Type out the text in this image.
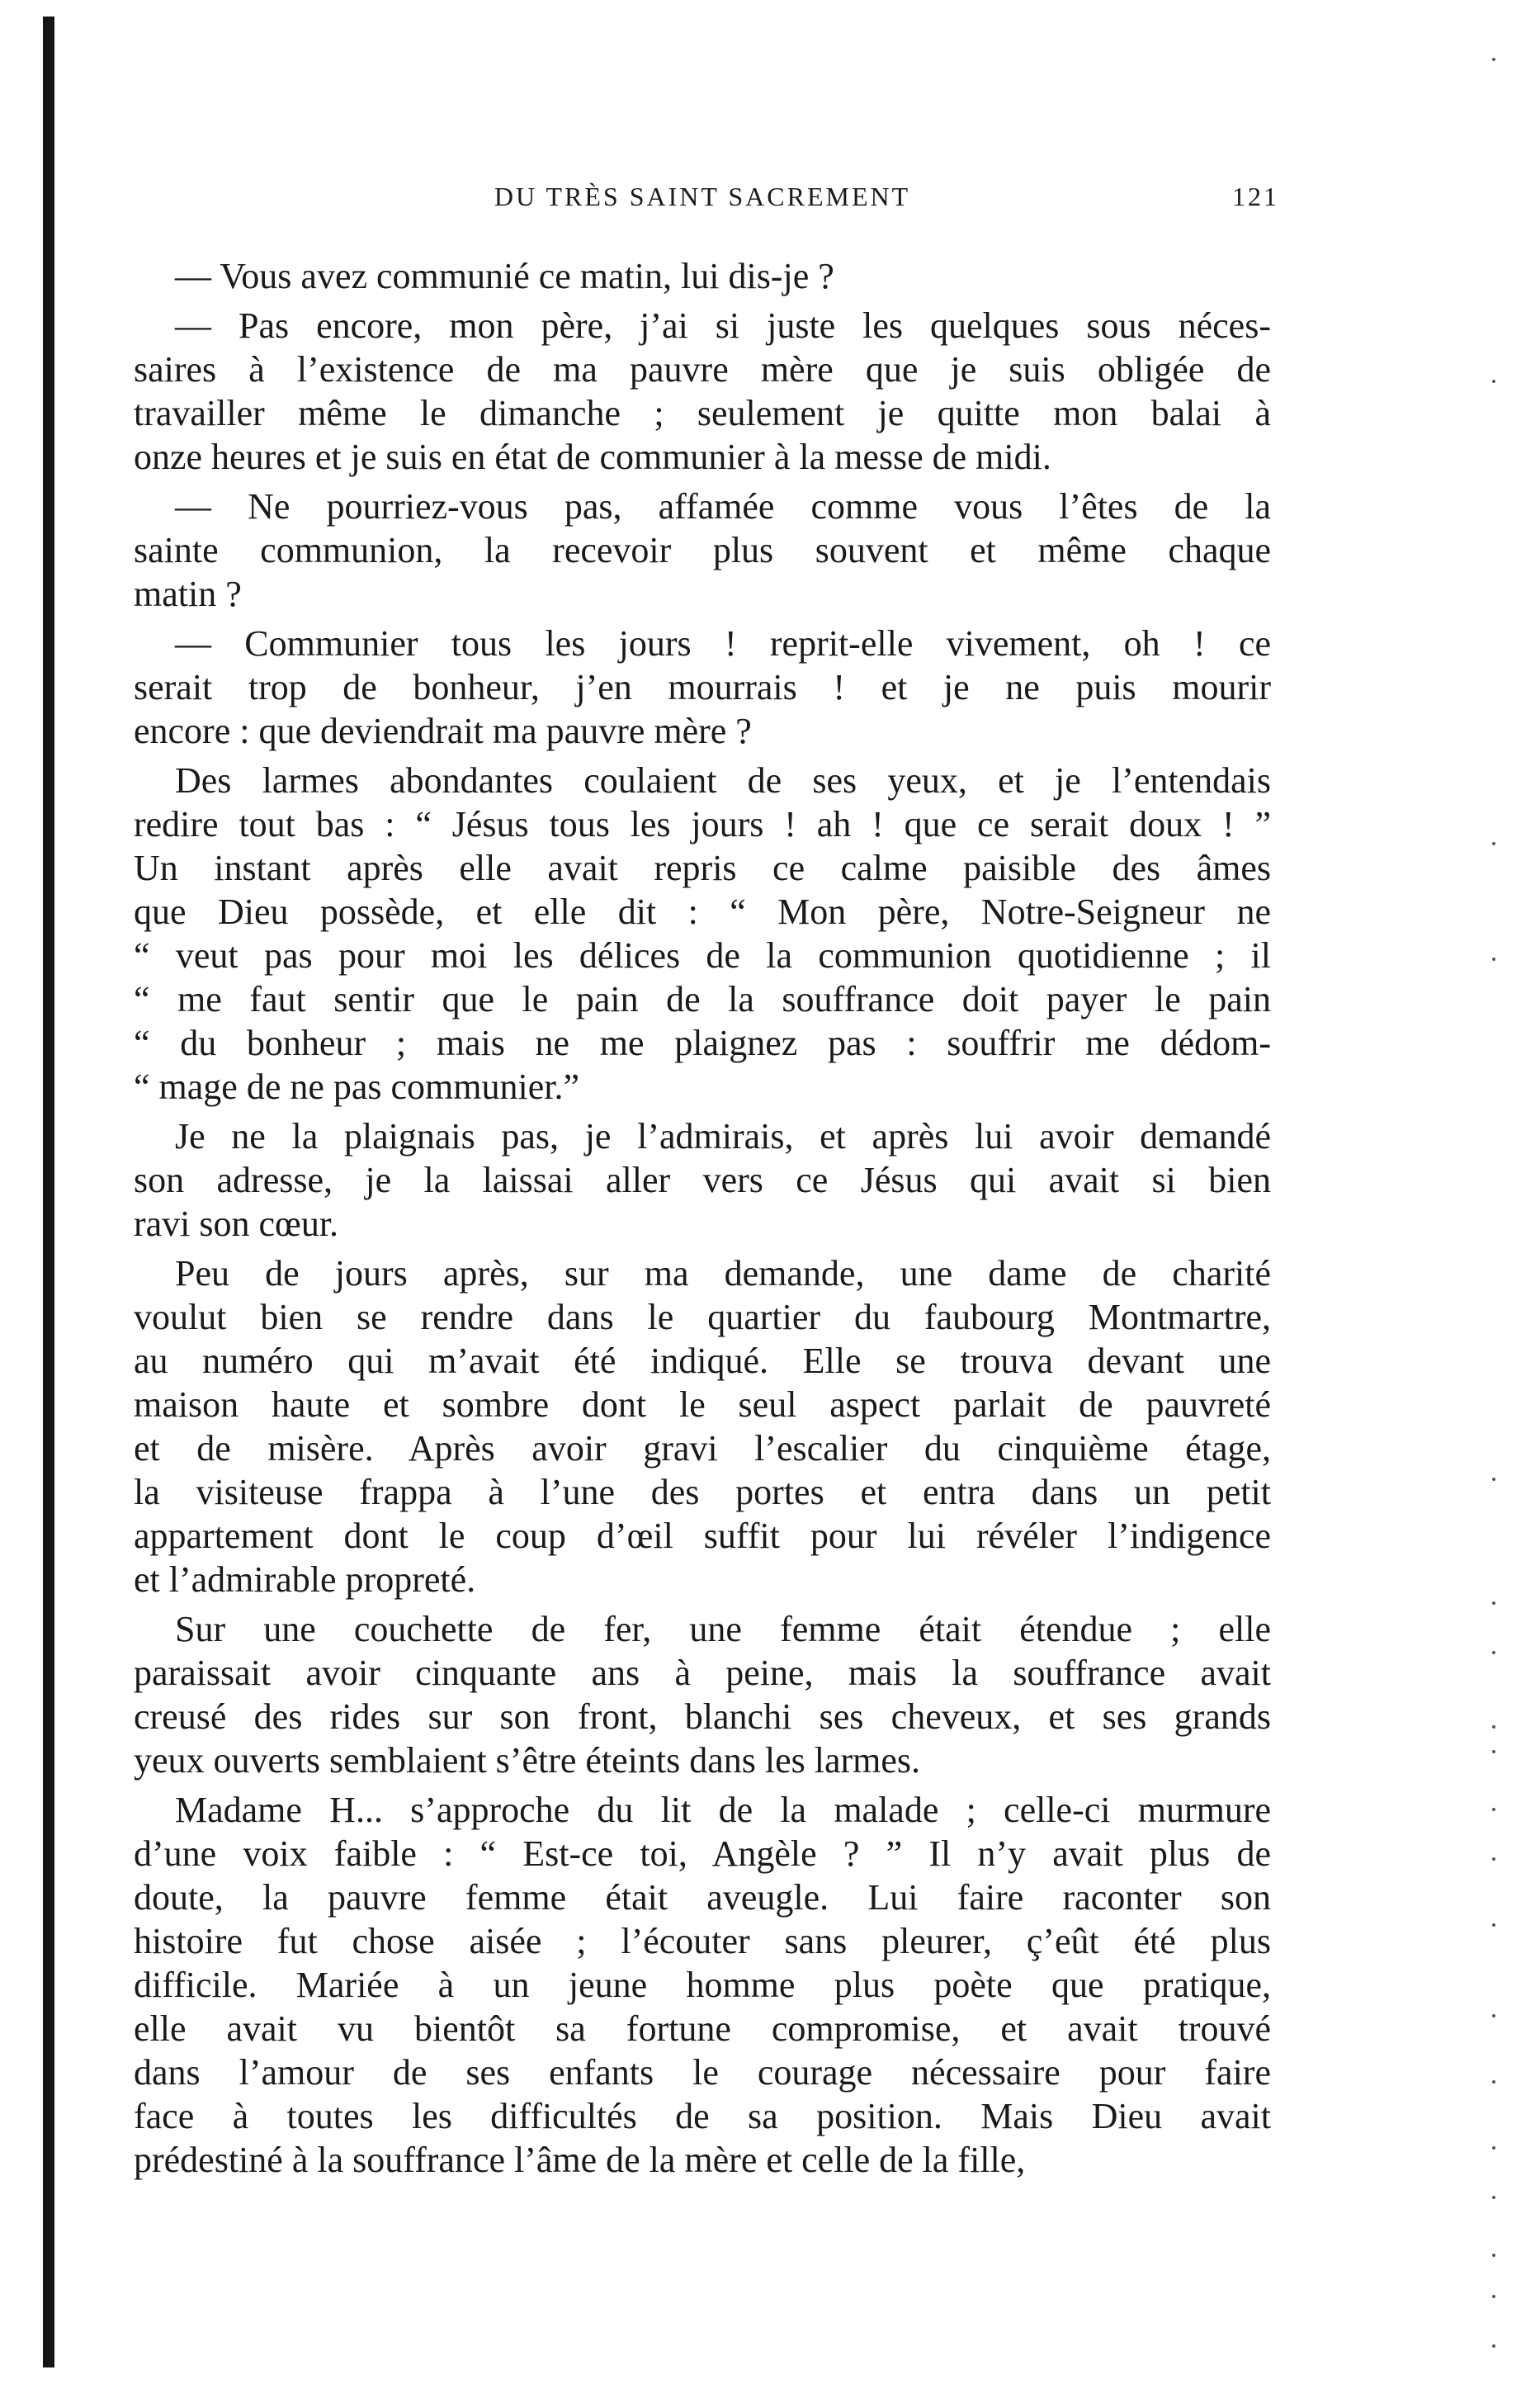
DU TRÈS SAINT SACREMENT	121
— Vous avez communié ce matin, lui dis-je ?
— Pas encore, mon père, j’ai si juste les quelques sous néces-
saires à l’existence de ma pauvre mère que je suis obligée de
travailler même le dimanche ; seulement je quitte mon balai à
onze heures et je suis en état de communier à la messe de midi.
— Ne pourriez-vous pas, affamée comme vous l’êtes de la
sainte communion, la recevoir plus souvent et même chaque
matin ?
— Communier tous les jours ! reprit-elle vivement, oh ! ce
serait trop de bonheur, j’en mourrais ! et je ne puis mourir
encore : que deviendrait ma pauvre mère ?
Des larmes abondantes coulaient de ses yeux, et je l’entendais
redire tout bas : “ Jésus tous les jours ! ah ! que ce serait doux ! ”
Un instant après elle avait repris ce calme paisible des âmes
que Dieu possède, et elle dit : “ Mon père, Notre-Seigneur ne
“ veut pas pour moi les délices de la communion quotidienne ; il
“ me faut sentir que le pain de la souffrance doit payer le pain
“ du bonheur ; mais ne me plaignez pas : souffrir me dédom-
“ mage de ne pas communier.”
Je ne la plaignais pas, je l’admirais, et après lui avoir demandé
son adresse, je la laissai aller vers ce Jésus qui avait si bien
ravi son cœur.
Peu de jours après, sur ma demande, une dame de charité
voulut bien se rendre dans le quartier du faubourg Montmartre,
au numéro qui m’avait été indiqué. Elle se trouva devant une
maison haute et sombre dont le seul aspect parlait de pauvreté
et de misère. Après avoir gravi l’escalier du cinquième étage,
la visiteuse frappa à l’une des portes et entra dans un petit
appartement dont le coup d’œil suffit pour lui révéler l’indigence
et l’admirable propreté.
Sur une couchette de fer, une femme était étendue ; elle
paraissait avoir cinquante ans à peine, mais la souffrance avait
creusé des rides sur son front, blanchi ses cheveux, et ses grands
yeux ouverts semblaient s’être éteints dans les larmes.
Madame H... s’approche du lit de la malade ; celle-ci murmure
d’une voix faible : “ Est-ce toi, Angèle ? ” Il n’y avait plus de
doute, la pauvre femme était aveugle. Lui faire raconter son
histoire fut chose aisée ; l’écouter sans pleurer, ç’eût été plus
difficile. Mariée à un jeune homme plus poète que pratique,
elle avait vu bientôt sa fortune compromise, et avait trouvé
dans l’amour de ses enfants le courage nécessaire pour faire
face à toutes les difficultés de sa position. Mais Dieu avait
prédestiné à la souffrance l’âme de la mère et celle de la fille,
